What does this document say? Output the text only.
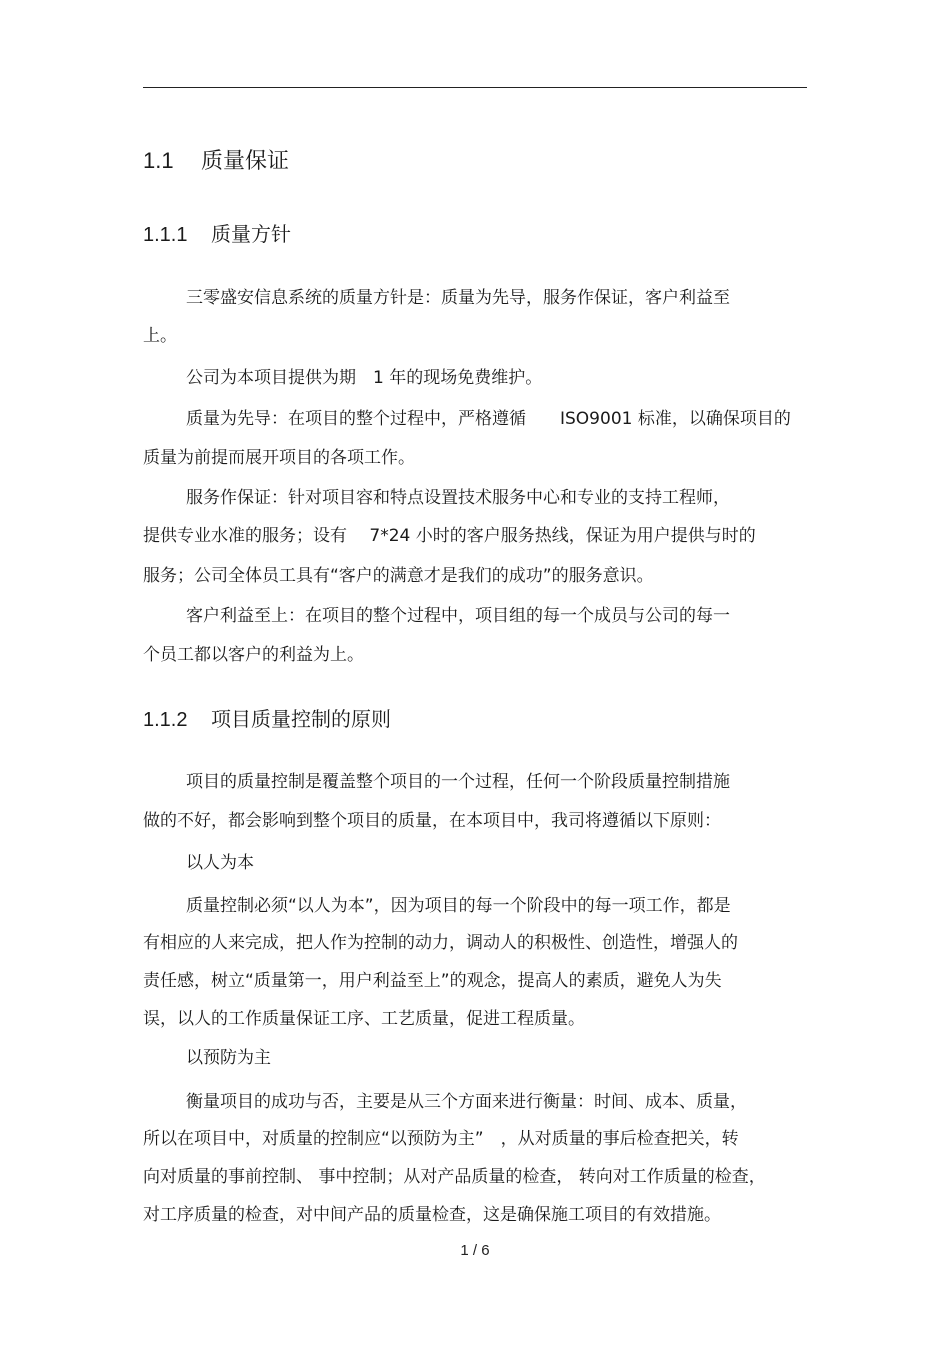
1.1 质量保证
1.1.1 质量方针
三零盛安信息系统的质量方针是：质量为先导，服务作保证，客户利益至
上。
公司为本项目提供为期　1 年的现场免费维护。
质量为先导：在项目的整个过程中，严格遵循　　ISO9001 标准，以确保项目的
质量为前提而展开项目的各项工作。
服务作保证：针对项目容和特点设置技术服务中心和专业的支持工程师，
提供专业水准的服务；设有　 7*24 小时的客户服务热线，保证为用户提供与时的
服务；公司全体员工具有“客户的满意才是我们的成功”的服务意识。
客户利益至上：在项目的整个过程中，项目组的每一个成员与公司的每一
个员工都以客户的利益为上。
1.1.2 项目质量控制的原则
项目的质量控制是覆盖整个项目的一个过程，任何一个阶段质量控制措施
做的不好，都会影响到整个项目的质量，在本项目中，我司将遵循以下原则：
以人为本
质量控制必须“以人为本”，因为项目的每一个阶段中的每一项工作，都是
有相应的人来完成，把人作为控制的动力，调动人的积极性、创造性，增强人的
责任感，树立“质量第一，用户利益至上”的观念，提高人的素质，避免人为失
误，以人的工作质量保证工序、工艺质量，促进工程质量。
以预防为主
衡量项目的成功与否，主要是从三个方面来进行衡量：时间、成本、质量，
所以在项目中，对质量的控制应“以预防为主”　，从对质量的事后检查把关，转
向对质量的事前控制、 事中控制；从对产品质量的检查， 转向对工作质量的检查，
对工序质量的检查，对中间产品的质量检查，这是确保施工项目的有效措施。
1 / 6
